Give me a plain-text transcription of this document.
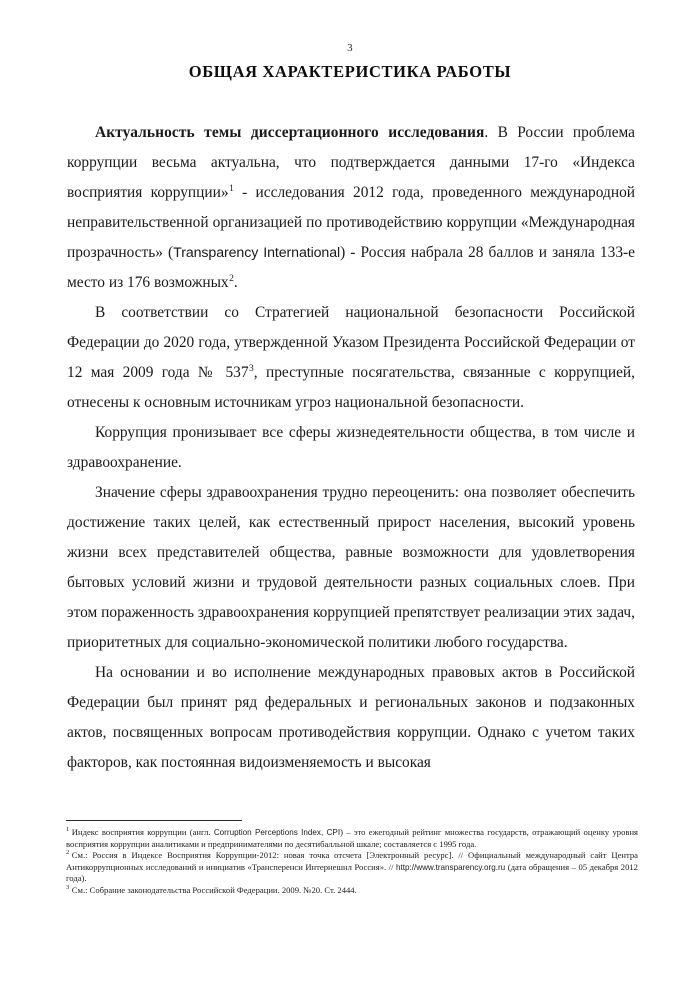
3
ОБЩАЯ ХАРАКТЕРИСТИКА РАБОТЫ

Актуальность темы диссертационного исследования. В России проблема коррупции весьма актуальна, что подтверждается данными 17-го «Индекса восприятия коррупции»$^1$ - исследования 2012 года, проведенного международной неправительственной организацией по противодействию коррупции «Международная прозрачность» (Transparency International) - Россия набрала 28 баллов и заняла 133-е место из 176 возможных$^2$.

В соответствии со Стратегией национальной безопасности Российской Федерации до 2020 года, утвержденной Указом Президента Российской Федерации от 12 мая 2009 года № 537$^3$, преступные посягательства, связанные с коррупцией, отнесены к основным источникам угроз национальной безопасности.

Коррупция пронизывает все сферы жизнедеятельности общества, в том числе и здравоохранение.

Значение сферы здравоохранения трудно переоценить: она позволяет обеспечить достижение таких целей, как естественный прирост населения, высокий уровень жизни всех представителей общества, равные возможности для удовлетворения бытовых условий жизни и трудовой деятельности разных социальных слоев. При этом пораженность здравоохранения коррупцией препятствует реализации этих задач, приоритетных для социально-экономической политики любого государства.

На основании и во исполнение международных правовых актов в Российской Федерации был принят ряд федеральных и региональных законов и подзаконных актов, посвященных вопросам противодействия коррупции. Однако с учетом таких факторов, как постоянная видоизменяемость и высокая

$^1$ Индекс восприятия коррупции (англ. Corruption Perceptions Index, CPI) – это ежегодный рейтинг множества государств, отражающий оценку уровня восприятия коррупции аналитиками и предпринимателями по десятибалльной шкале; составляется с 1995 года.

$^2$ См.: Россия в Индексе Восприятия Коррупции-2012: новая точка отсчета [Электронный ресурс]. // Официальный международный сайт Центра Антикоррупционных исследований и инициатив «Трансперенси Интернешнл Россия». // http://www.transparency.org.ru (дата обращения – 05 декабря 2012 года).

$^3$ См.: Собрание законодательства Российской Федерации. 2009. №20. Ст. 2444.
